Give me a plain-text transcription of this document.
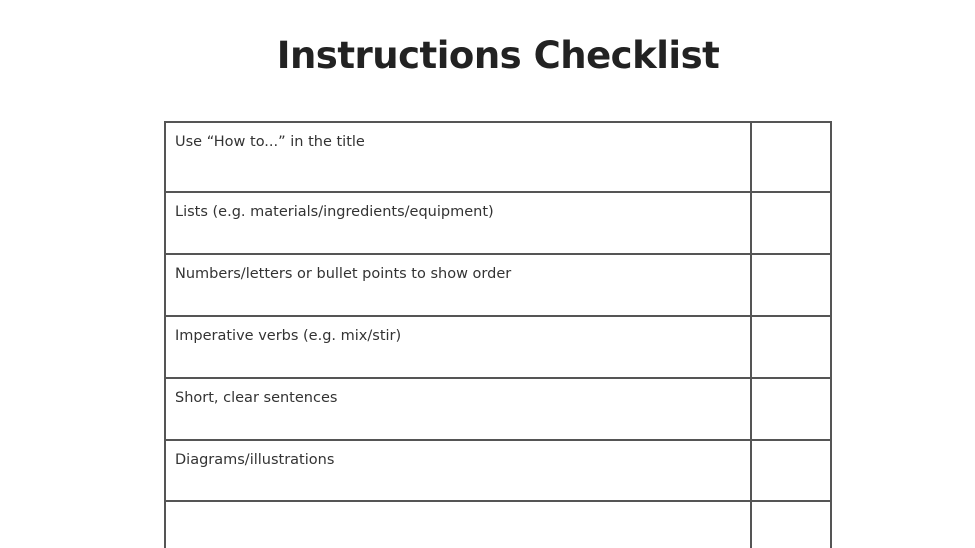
Instructions Checklist
Use “How to...” in the title
Lists (e.g. materials/ingredients/equipment)
Numbers/letters or bullet points to show order
Imperative verbs (e.g. mix/stir)
Short, clear sentences
Diagrams/illustrations
